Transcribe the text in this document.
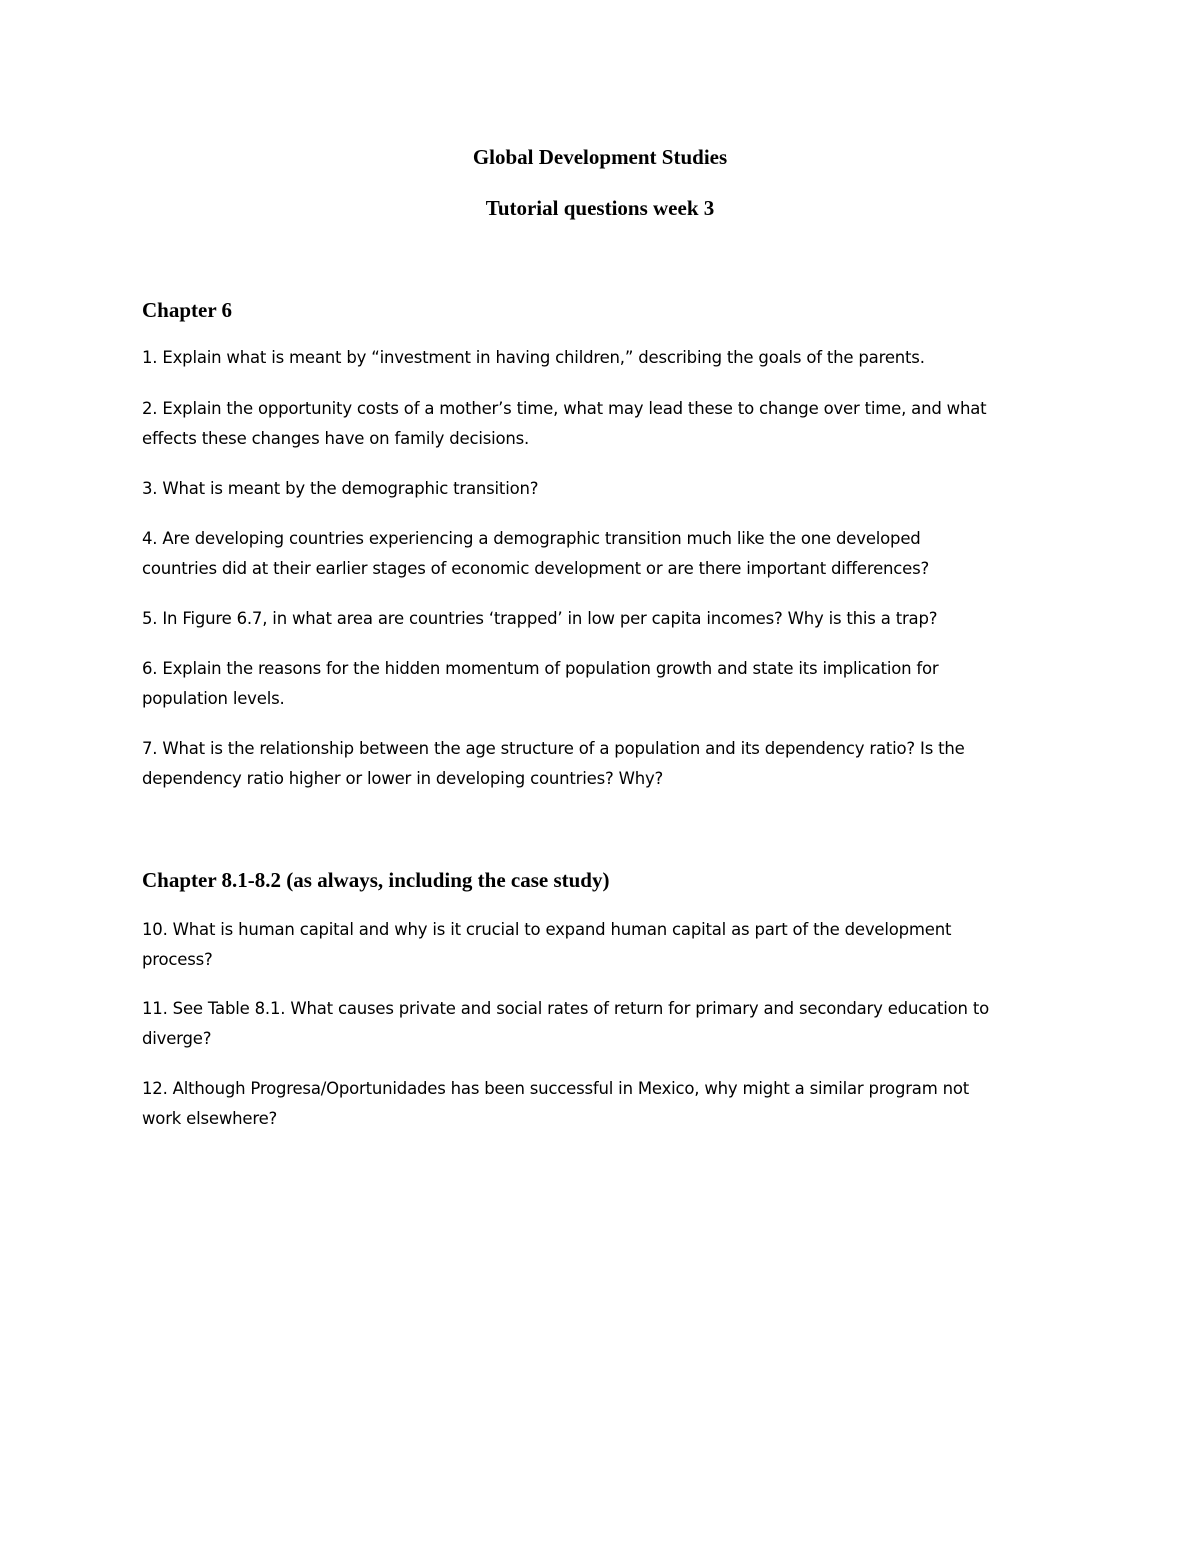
Global Development Studies
Tutorial questions week 3
Chapter 6

1. Explain what is meant by “investment in having children,” describing the goals of the parents.

2. Explain the opportunity costs of a mother’s time, what may lead these to change over time, and what
effects these changes have on family decisions.

3. What is meant by the demographic transition?

4. Are developing countries experiencing a demographic transition much like the one developed
countries did at their earlier stages of economic development or are there important differences?

5. In Figure 6.7, in what area are countries ‘trapped’ in low per capita incomes? Why is this a trap?

6. Explain the reasons for the hidden momentum of population growth and state its implication for
population levels.

7. What is the relationship between the age structure of a population and its dependency ratio? Is the
dependency ratio higher or lower in developing countries? Why?

Chapter 8.1-8.2 (as always, including the case study)

10. What is human capital and why is it crucial to expand human capital as part of the development
process?

11. See Table 8.1. What causes private and social rates of return for primary and secondary education to
diverge?

12. Although Progresa/Oportunidades has been successful in Mexico, why might a similar program not
work elsewhere?
